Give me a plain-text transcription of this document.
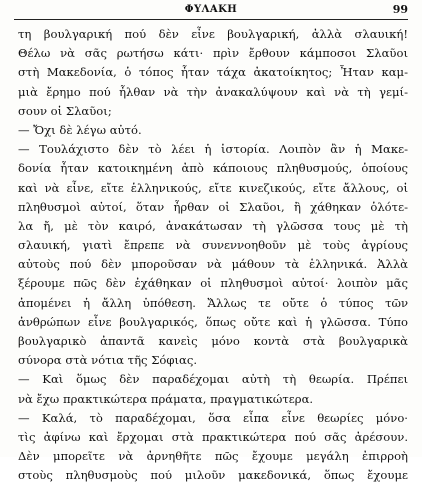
ΦΥΛΑΚΗ	99
τη βουλγαρική πού δὲν εἶνε βουλγαρική, ἀλλὰ σλαυική!
Θέλω νὰ σᾶς ρωτήσω κάτι· πρὶν ἔρθουν κάμποσοι Σλαῦοι
στὴ Μακεδονία, ὁ τόπος ἦταν τάχα ἀκατοίκητος; Ἦταν καμ-
μιὰ ἔρημο πού ἦλθαν νὰ τὴν ἀνακαλύψουν καὶ νὰ τὴ γεμί-
σουν οἱ Σλαῦοι;
— Ὄχι δὲ λέγω αὐτό.
— Τουλάχιστο δὲν τὸ λέει ἡ ἱστορία. Λοιπὸν ἂν ἡ Μακε-
δονία ἦταν κατοικημένη ἀπὸ κάποιους πληθυσμούς, ὁποίους
καὶ νὰ εἶνε, εἴτε ἑλληνικούς, εἴτε κινεζικούς, εἴτε ἄλλους, οἱ
πληθυσμοὶ αὐτοί, ὅταν ἦρθαν οἱ Σλαῦοι, ἢ χάθηκαν ὁλότε-
λα ἤ, μὲ τὸν καιρό, ἀνακάτωσαν τὴ γλῶσσα τους μὲ τὴ
σλαυική, γιατὶ ἔπρεπε νὰ συνεννοηθοῦν μὲ τοὺς ἀγρίους
αὐτοὺς πού δὲν μποροῦσαν νὰ μάθουν τὰ ἑλληνικά. Ἀλλὰ
ξέρουμε πῶς δὲν ἐχάθηκαν οἱ πληθυσμοὶ αὐτοί· λοιπὸν μᾶς
ἀπομένει ἡ ἄλλη ὑπόθεση. Ἄλλως τε οὔτε ὁ τύπος τῶν
ἀνθρώπων εἶνε βουλγαρικός, ὅπως οὔτε καὶ ἡ γλῶσσα. Τύπο
βουλγαρικὸ ἀπαντᾶ κανεὶς μόνο κοντὰ στὰ βουλγαρικὰ
σύνορα στὰ νότια τῆς Σόφιας.
— Καὶ ὅμως δὲν παραδέχομαι αὐτὴ τὴ θεωρία. Πρέπει
νὰ ἔχω πρακτικώτερα πράματα, πραγματικώτερα.
— Καλά, τὸ παραδέχομαι, ὅσα εἶπα εἶνε θεωρίες μόνο·
τὶς ἀφίνω καὶ ἔρχομαι στὰ πρακτικώτερα πού σᾶς ἀρέσουν.
Δὲν μπορεῖτε νὰ ἀρνηθῆτε πῶς ἔχουμε μεγάλη ἐπιρροὴ
στοὺς πληθυσμοὺς πού μιλοῦν μακεδονικά, ὅπως ἔχουμε
